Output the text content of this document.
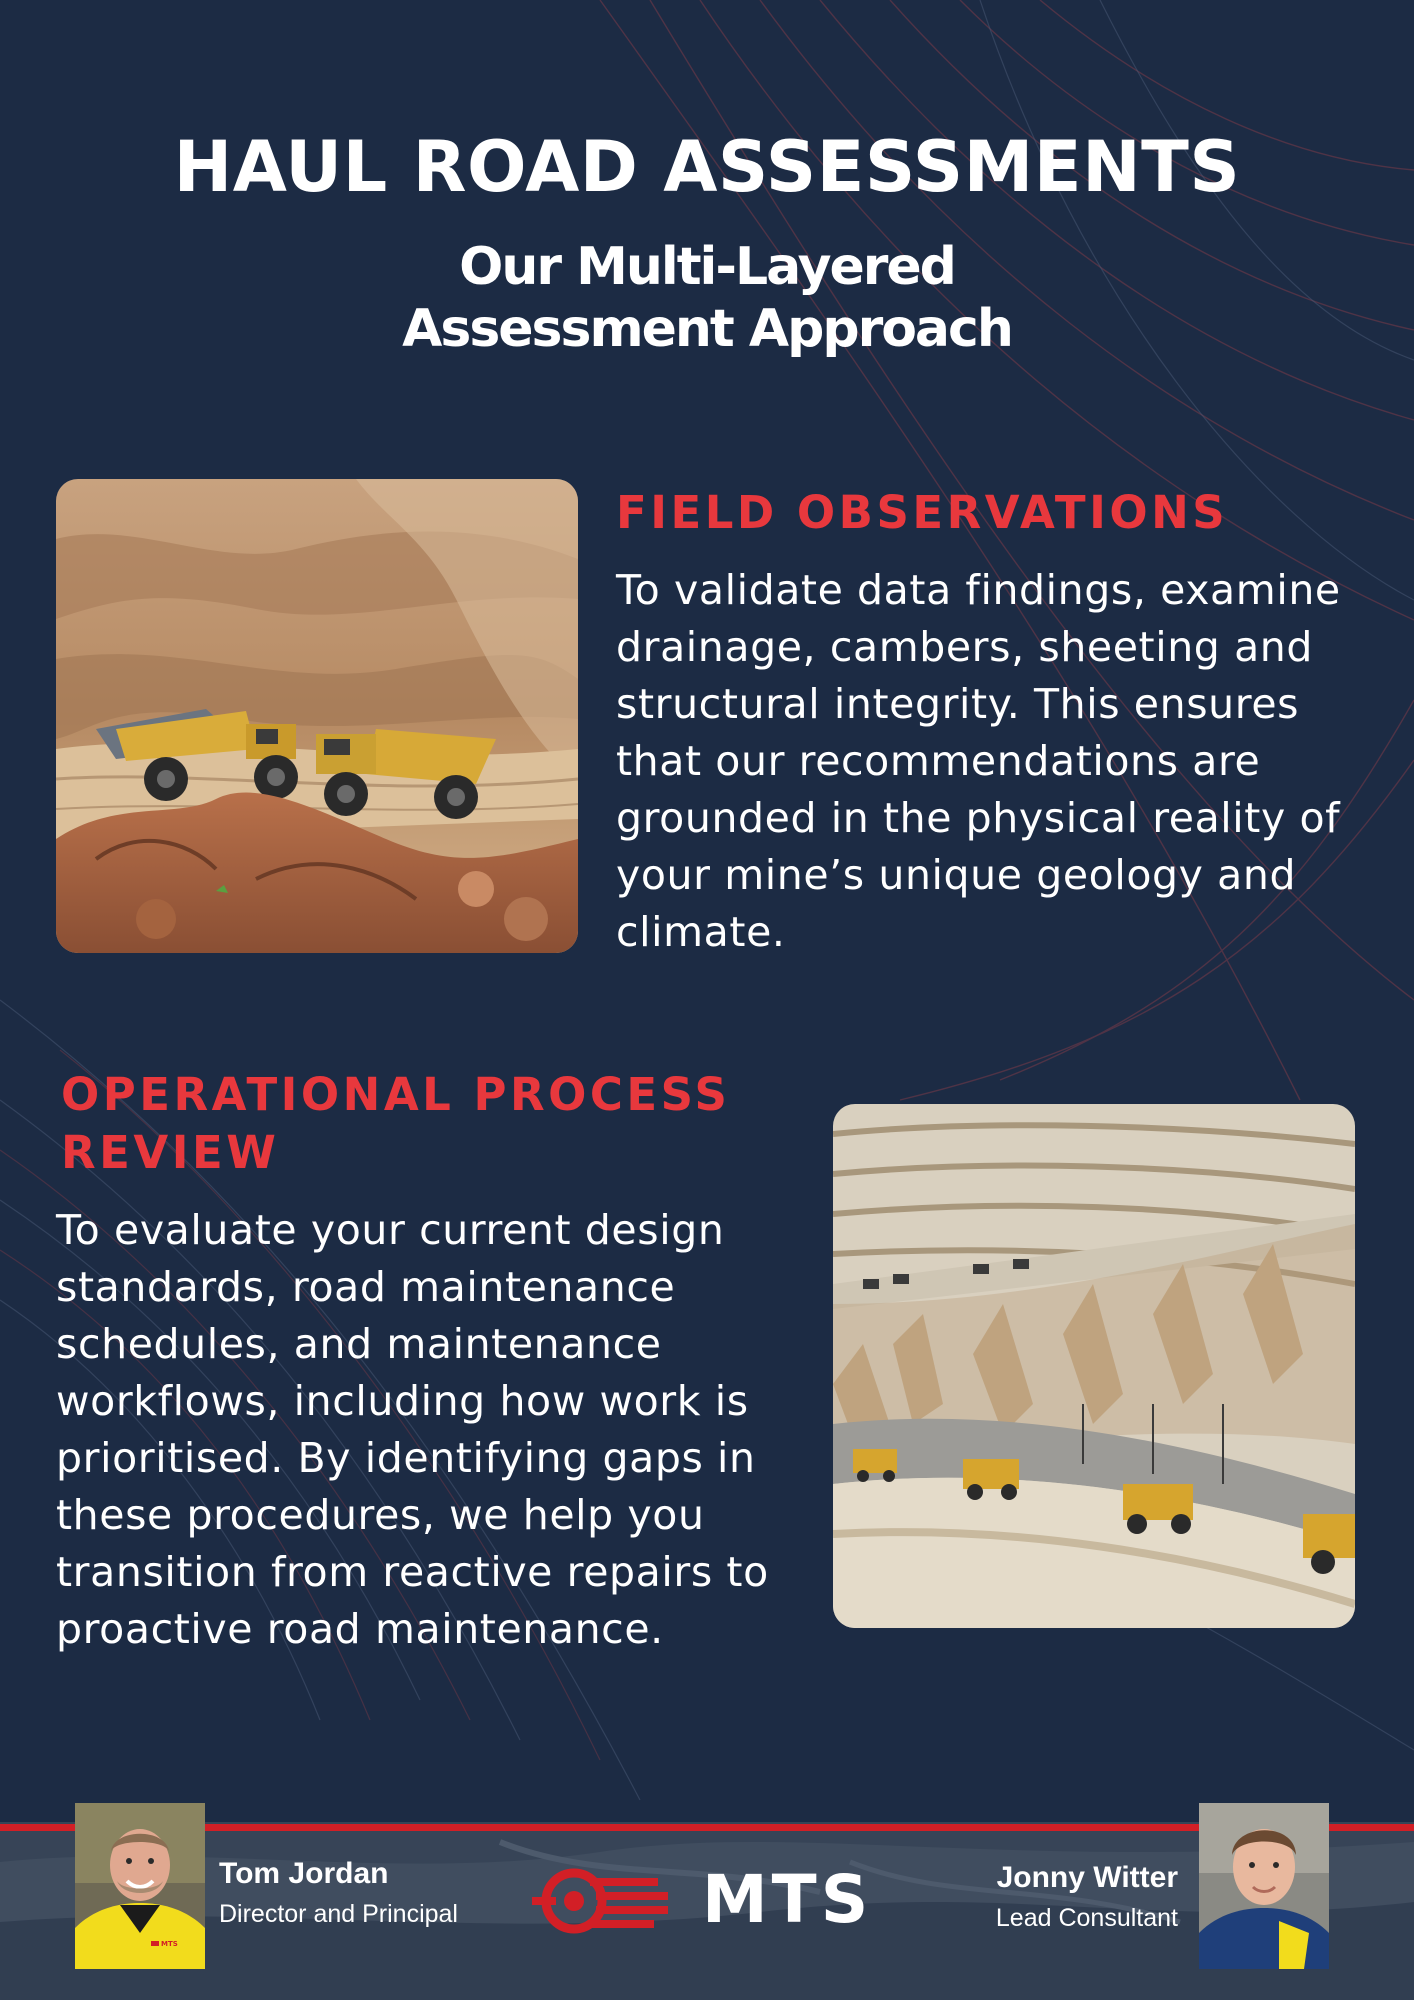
HAUL ROAD ASSESSMENTS
Our Multi-Layered Assessment Approach
FIELD OBSERVATIONS

To validate data findings, examine drainage, cambers, sheeting and structural integrity. This ensures that our recommendations are grounded in the physical reality of your mine’s unique geology and climate.

OPERATIONAL PROCESS REVIEW

To evaluate your current design standards, road maintenance schedules, and maintenance workflows, including how work is prioritised. By identifying gaps in these procedures, we help you transition from reactive repairs to proactive road maintenance.

MTS

Tom Jordan

Director and Principal	MTS	Jonny Witter

Lead Consultant
